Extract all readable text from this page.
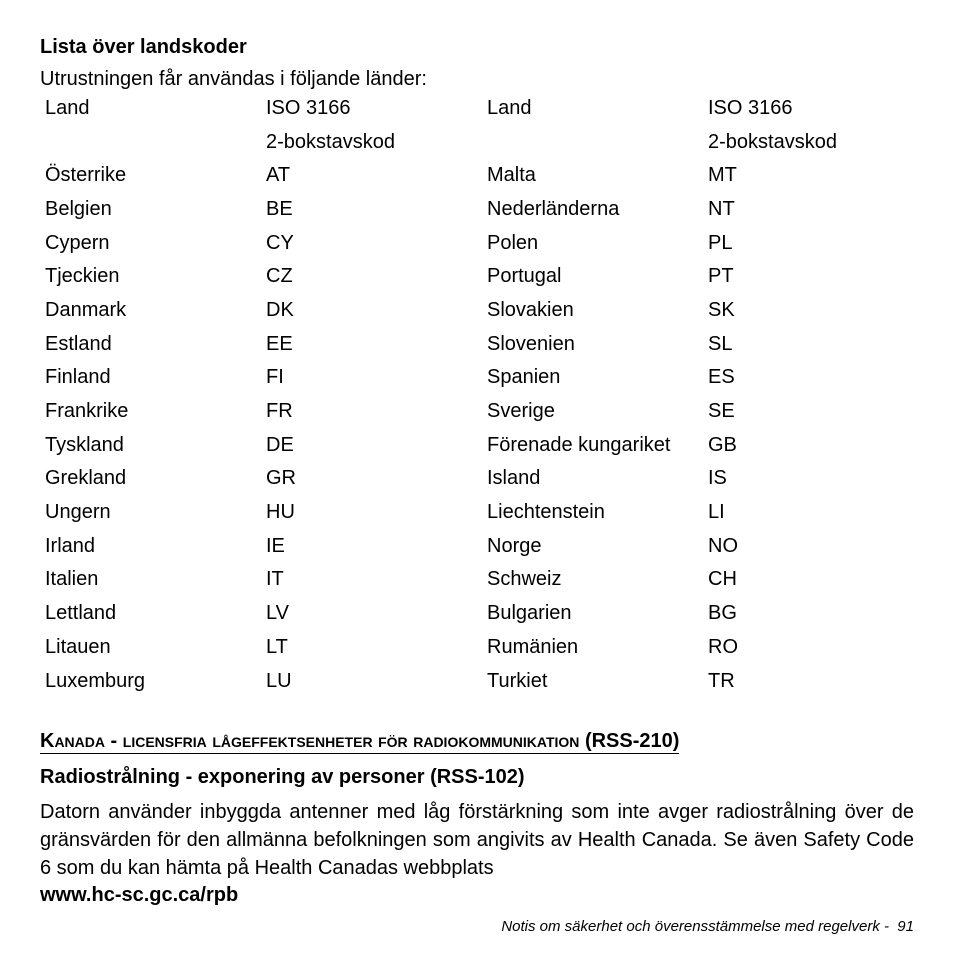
Lista över landskoder

Utrustningen får användas i följande länder:

Land	ISO 3166	Land	ISO 3166
	2-bokstavskod		2-bokstavskod
Österrike	AT	Malta	MT
Belgien	BE	Nederländerna	NT
Cypern	CY	Polen	PL
Tjeckien	CZ	Portugal	PT
Danmark	DK	Slovakien	SK
Estland	EE	Slovenien	SL
Finland	FI	Spanien	ES
Frankrike	FR	Sverige	SE
Tyskland	DE	Förenade kungariket	GB
Grekland	GR	Island	IS
Ungern	HU	Liechtenstein	LI
Irland	IE	Norge	NO
Italien	IT	Schweiz	CH
Lettland	LV	Bulgarien	BG
Litauen	LT	Rumänien	RO
Luxemburg	LU	Turkiet	TR

Kanada - licensfria lågeffektsenheter för radiokommunikation (RSS-210)

Radiostrålning - exponering av personer (RSS-102)

Datorn använder inbyggda antenner med låg förstärkning som inte avger radiostrålning över de gränsvärden för den allmänna befolkningen som angivits av Health Canada. Se även Safety Code 6 som du kan hämta på Health Canadas webbplats

www.hc-sc.gc.ca/rpb

Notis om säkerhet och överensstämmelse med regelverk -  91
